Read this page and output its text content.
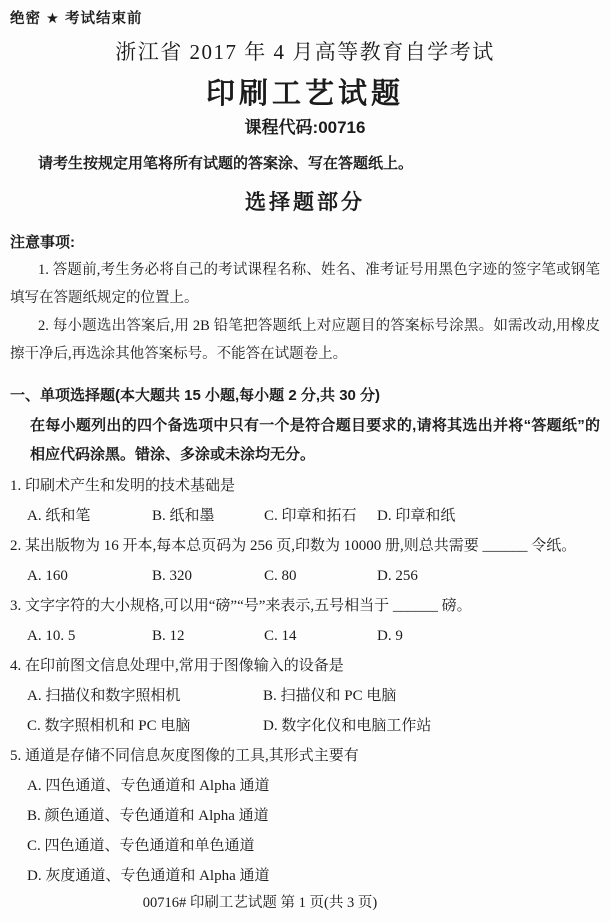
绝密 ★ 考试结束前
浙江省 2017 年 4 月高等教育自学考试
印刷工艺试题
课程代码:00716

请考生按规定用笔将所有试题的答案涂、写在答题纸上。

选择题部分
注意事项:

1. 答题前,考生务必将自己的考试课程名称、姓名、准考证号用黑色字迹的签字笔或钢笔填写在答题纸规定的位置上。

2. 每小题选出答案后,用 2B 铅笔把答题纸上对应题目的答案标号涂黑。如需改动,用橡皮擦干净后,再选涂其他答案标号。不能答在试题卷上。

一、单项选择题(本大题共 15 小题,每小题 2 分,共 30 分)

在每小题列出的四个备选项中只有一个是符合题目要求的,请将其选出并将“答题纸”的相应代码涂黑。错涂、多涂或未涂均无分。

1. 印刷术产生和发明的技术基础是
A. 纸和笔	B. 纸和墨	C. 印章和拓石	D. 印章和纸
2. 某出版物为 16 开本,每本总页码为 256 页,印数为 10000 册,则总共需要 ______ 令纸。
A. 160	B. 320	C. 80	D. 256
3. 文字字符的大小规格,可以用“磅”“号”来表示,五号相当于 ______ 磅。
A. 10. 5	B. 12	C. 14	D. 9
4. 在印前图文信息处理中,常用于图像输入的设备是
A. 扫描仪和数字照相机	B. 扫描仪和 PC 电脑
C. 数字照相机和 PC 电脑	D. 数字化仪和电脑工作站
5. 通道是存储不同信息灰度图像的工具,其形式主要有
A. 四色通道、专色通道和 Alpha 通道
B. 颜色通道、专色通道和 Alpha 通道
C. 四色通道、专色通道和单色通道
D. 灰度通道、专色通道和 Alpha 通道
00716# 印刷工艺试题 第 1 页(共 3 页)
